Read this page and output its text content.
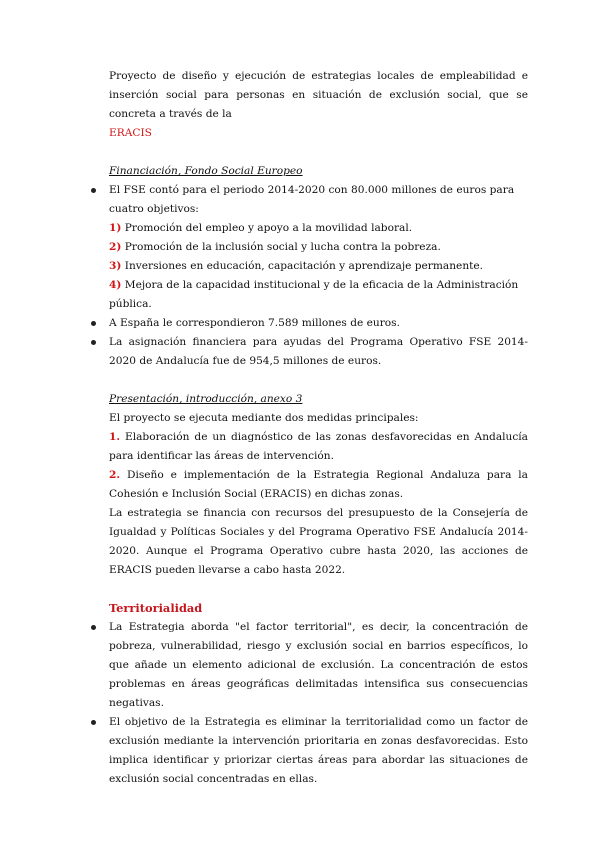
Proyecto de diseño y ejecución de estrategias locales de empleabilidad e inserción social para personas en situación de exclusión social, que se concreta a través de la

ERACIS

Financiación, Fondo Social Europeo

El FSE contó para el periodo 2014-2020 con 80.000 millones de euros para cuatro objetivos:

1) Promoción del empleo y apoyo a la movilidad laboral.

2) Promoción de la inclusión social y lucha contra la pobreza.

3) Inversiones en educación, capacitación y aprendizaje permanente.

4) Mejora de la capacidad institucional y de la eficacia de la Administración pública.

A España le correspondieron 7.589 millones de euros.

La asignación financiera para ayudas del Programa Operativo FSE 2014-2020 de Andalucía fue de 954,5 millones de euros.

Presentación, introducción, anexo 3

El proyecto se ejecuta mediante dos medidas principales:

1. Elaboración de un diagnóstico de las zonas desfavorecidas en Andalucía para identificar las áreas de intervención.

2. Diseño e implementación de la Estrategia Regional Andaluza para la Cohesión e Inclusión Social (ERACIS) en dichas zonas.

La estrategia se financia con recursos del presupuesto de la Consejería de Igualdad y Políticas Sociales y del Programa Operativo FSE Andalucía 2014-2020. Aunque el Programa Operativo cubre hasta 2020, las acciones de ERACIS pueden llevarse a cabo hasta 2022.

Territorialidad

La Estrategia aborda "el factor territorial", es decir, la concentración de pobreza, vulnerabilidad, riesgo y exclusión social en barrios específicos, lo que añade un elemento adicional de exclusión. La concentración de estos problemas en áreas geográficas delimitadas intensifica sus consecuencias negativas.

El objetivo de la Estrategia es eliminar la territorialidad como un factor de exclusión mediante la intervención prioritaria en zonas desfavorecidas. Esto implica identificar y priorizar ciertas áreas para abordar las situaciones de exclusión social concentradas en ellas.
